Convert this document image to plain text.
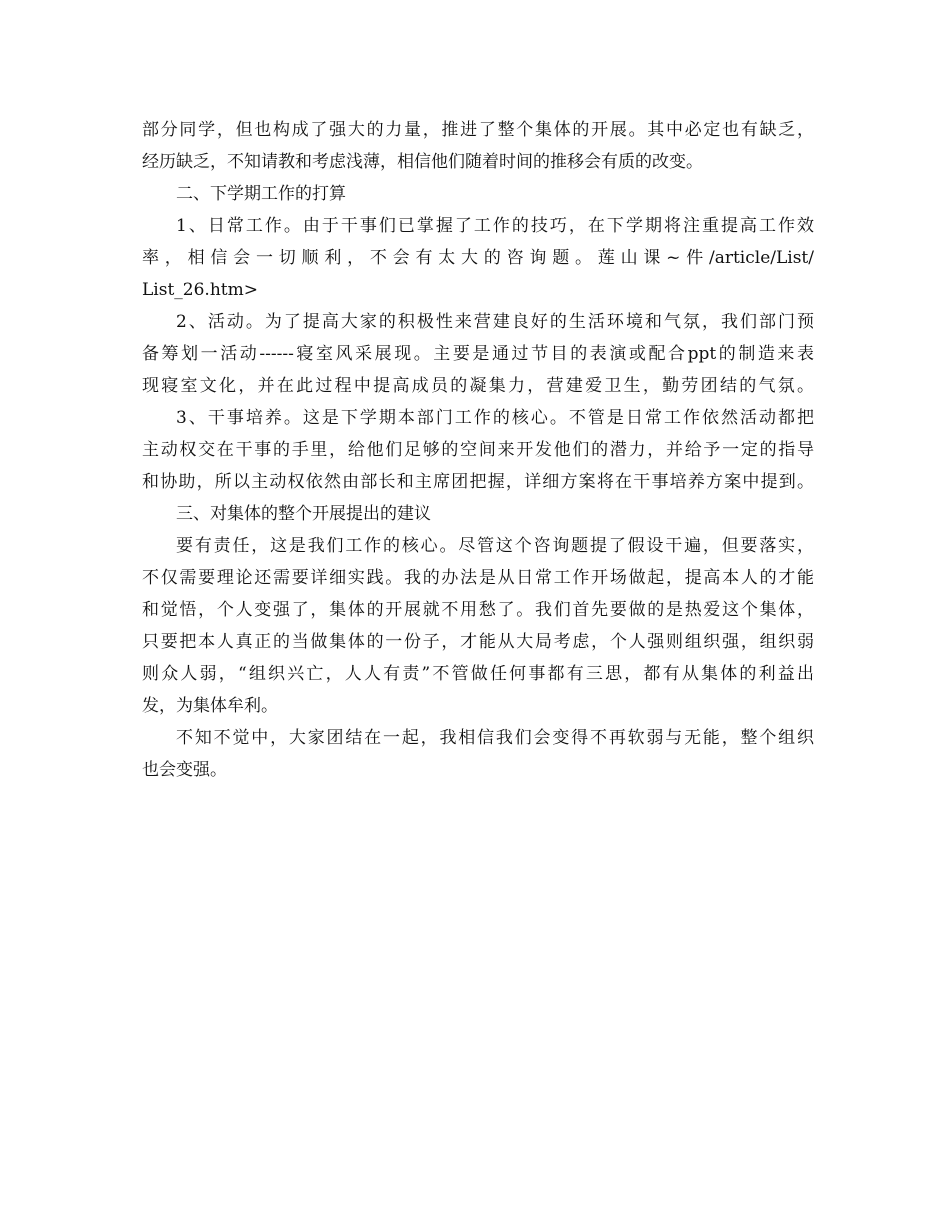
部分同学，但也构成了强大的力量，推进了整个集体的开展。其中必定也有缺乏，
经历缺乏，不知请教和考虑浅薄，相信他们随着时间的推移会有质的改变。
二、下学期工作的打算
1、日常工作。由于干事们已掌握了工作的技巧，在下学期将注重提高工作效
率，相信会一切顺利，不会有太大的咨询题。莲山课~件/article/List/
List_26.htm>
2、活动。为了提高大家的积极性来营建良好的生活环境和气氛，我们部门预
备筹划一活动------寝室风采展现。主要是通过节目的表演或配合ppt的制造来表
现寝室文化，并在此过程中提高成员的凝集力，营建爱卫生，勤劳团结的气氛。
3、干事培养。这是下学期本部门工作的核心。不管是日常工作依然活动都把
主动权交在干事的手里，给他们足够的空间来开发他们的潜力，并给予一定的指导
和协助，所以主动权依然由部长和主席团把握，详细方案将在干事培养方案中提到。
三、对集体的整个开展提出的建议
要有责任，这是我们工作的核心。尽管这个咨询题提了假设干遍，但要落实，
不仅需要理论还需要详细实践。我的办法是从日常工作开场做起，提高本人的才能
和觉悟，个人变强了，集体的开展就不用愁了。我们首先要做的是热爱这个集体，
只要把本人真正的当做集体的一份子，才能从大局考虑，个人强则组织强，组织弱
则众人弱，“组织兴亡，人人有责”不管做任何事都有三思，都有从集体的利益出
发，为集体牟利。
不知不觉中，大家团结在一起，我相信我们会变得不再软弱与无能，整个组织
也会变强。
